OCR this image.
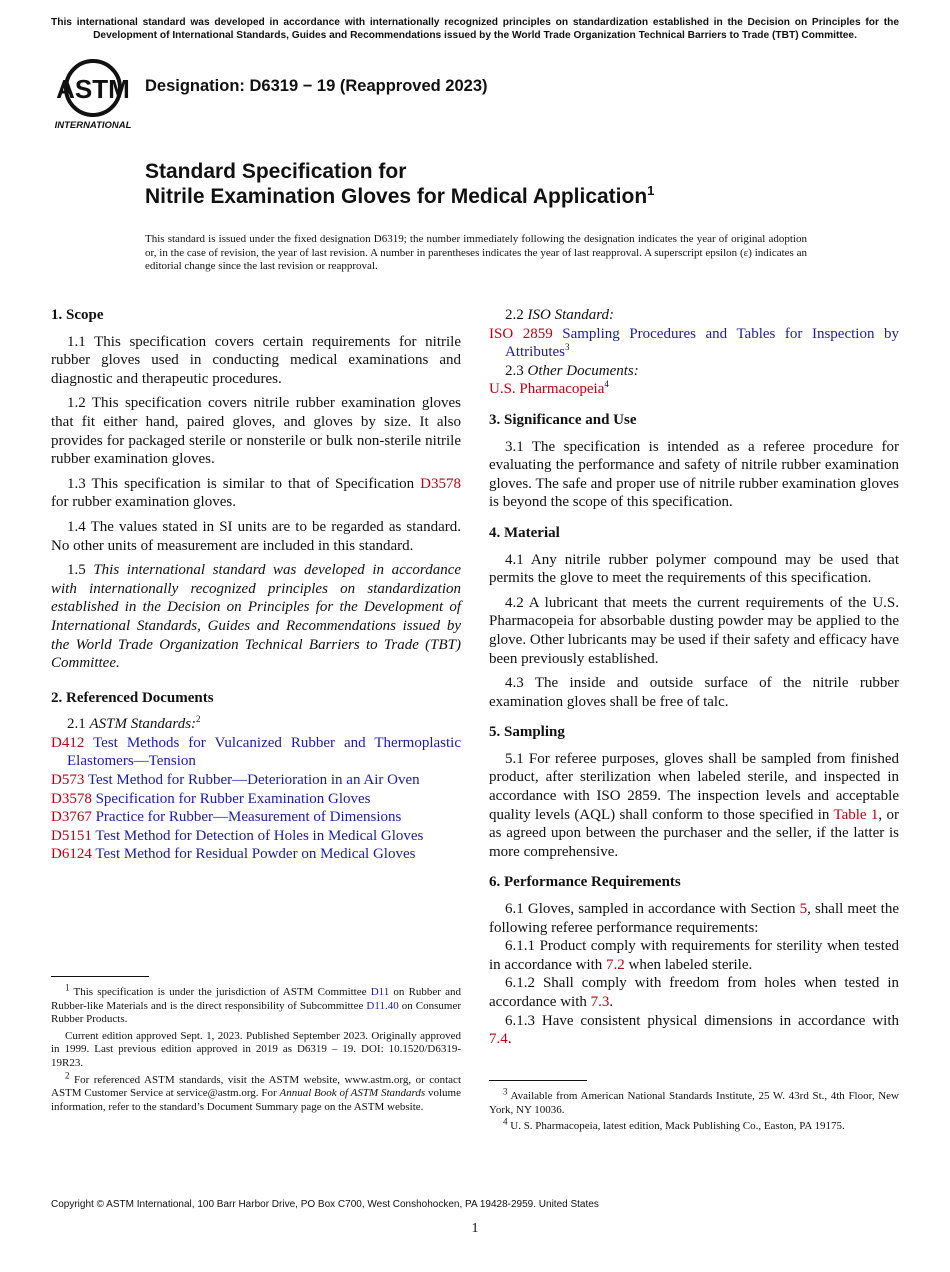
This international standard was developed in accordance with internationally recognized principles on standardization established in the Decision on Principles for the Development of International Standards, Guides and Recommendations issued by the World Trade Organization Technical Barriers to Trade (TBT) Committee.
ASTM
INTERNATIONAL
Designation: D6319 − 19 (Reapproved 2023)
Standard Specification for
Nitrile Examination Gloves for Medical Application$^1$
This standard is issued under the fixed designation D6319; the number immediately following the designation indicates the year of original adoption or, in the case of revision, the year of last revision. A number in parentheses indicates the year of last reapproval. A superscript epsilon (ε) indicates an editorial change since the last revision or reapproval.
1. Scope

1.1 This specification covers certain requirements for nitrile rubber gloves used in conducting medical examinations and diagnostic and therapeutic procedures.

1.2 This specification covers nitrile rubber examination gloves that fit either hand, paired gloves, and gloves by size. It also provides for packaged sterile or nonsterile or bulk non-sterile nitrile rubber examination gloves.

1.3 This specification is similar to that of Specification D3578 for rubber examination gloves.

1.4 The values stated in SI units are to be regarded as standard. No other units of measurement are included in this standard.

1.5 This international standard was developed in accordance with internationally recognized principles on standardization established in the Decision on Principles for the Development of International Standards, Guides and Recommendations issued by the World Trade Organization Technical Barriers to Trade (TBT) Committee.

2. Referenced Documents
2.1 ASTM Standards:$^2$
D412 Test Methods for Vulcanized Rubber and Thermoplastic Elastomers—Tension
D573 Test Method for Rubber—Deterioration in an Air Oven
D3578 Specification for Rubber Examination Gloves
D3767 Practice for Rubber—Measurement of Dimensions
D5151 Test Method for Detection of Holes in Medical Gloves
D6124 Test Method for Residual Powder on Medical Gloves
$^1$ This specification is under the jurisdiction of ASTM Committee D11 on Rubber and Rubber-like Materials and is the direct responsibility of Subcommittee D11.40 on Consumer Rubber Products.
Current edition approved Sept. 1, 2023. Published September 2023. Originally approved in 1999. Last previous edition approved in 2019 as D6319 – 19. DOI: 10.1520/D6319-19R23.
$^2$ For referenced ASTM standards, visit the ASTM website, www.astm.org, or contact ASTM Customer Service at service@astm.org. For Annual Book of ASTM Standards volume information, refer to the standard’s Document Summary page on the ASTM website.
2.2 ISO Standard:
ISO 2859 Sampling Procedures and Tables for Inspection by Attributes$^3$
2.3 Other Documents:
U.S. Pharmacopeia$^4$
3. Significance and Use

3.1 The specification is intended as a referee procedure for evaluating the performance and safety of nitrile rubber examination gloves. The safe and proper use of nitrile rubber examination gloves is beyond the scope of this specification.

4. Material

4.1 Any nitrile rubber polymer compound may be used that permits the glove to meet the requirements of this specification.

4.2 A lubricant that meets the current requirements of the U.S. Pharmacopeia for absorbable dusting powder may be applied to the glove. Other lubricants may be used if their safety and efficacy have been previously established.

4.3 The inside and outside surface of the nitrile rubber examination gloves shall be free of talc.

5. Sampling

5.1 For referee purposes, gloves shall be sampled from finished product, after sterilization when labeled sterile, and inspected in accordance with ISO 2859. The inspection levels and acceptable quality levels (AQL) shall conform to those specified in Table 1, or as agreed upon between the purchaser and the seller, if the latter is more comprehensive.

6. Performance Requirements

6.1 Gloves, sampled in accordance with Section 5, shall meet the following referee performance requirements:

6.1.1 Product comply with requirements for sterility when tested in accordance with 7.2 when labeled sterile.

6.1.2 Shall comply with freedom from holes when tested in accordance with 7.3.

6.1.3 Have consistent physical dimensions in accordance with 7.4.

$^3$ Available from American National Standards Institute, 25 W. 43rd St., 4th Floor, New York, NY 10036.
$^4$ U. S. Pharmacopeia, latest edition, Mack Publishing Co., Easton, PA 19175.
Copyright © ASTM International, 100 Barr Harbor Drive, PO Box C700, West Conshohocken, PA 19428-2959. United States
1
